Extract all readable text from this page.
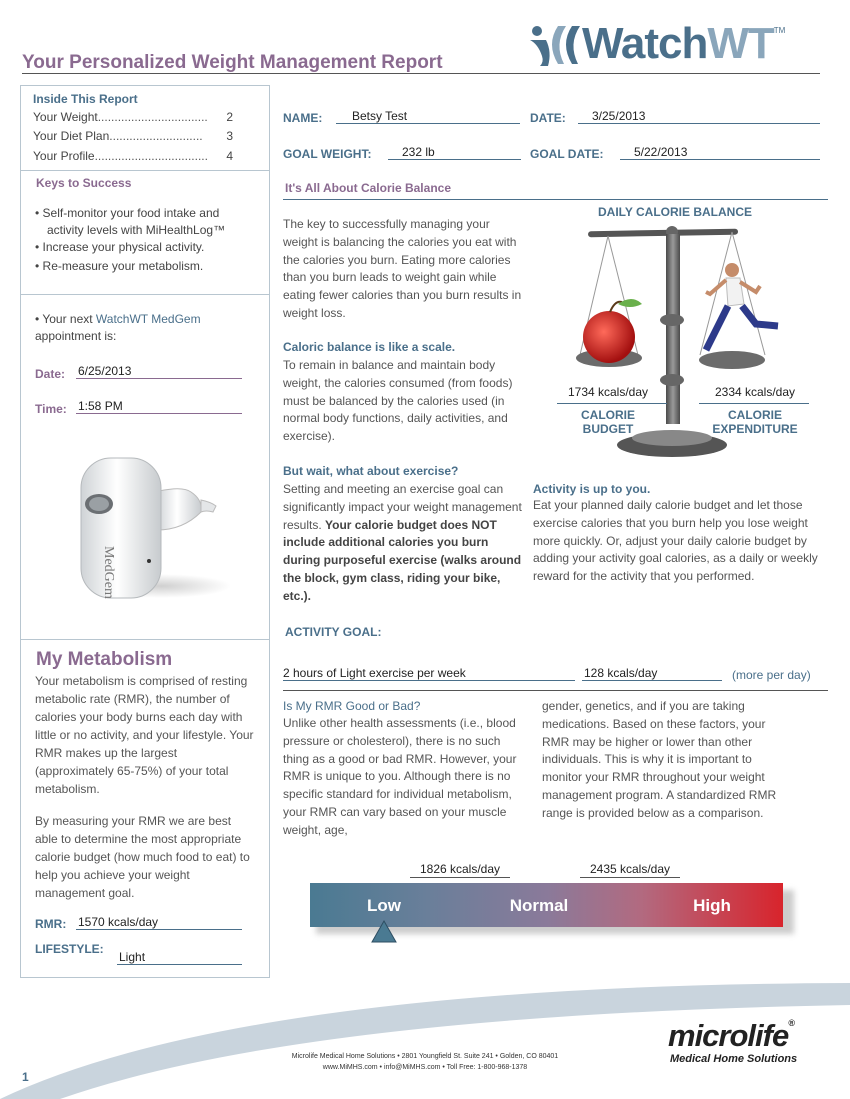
Your Personalized Weight Management Report	WatchWT TM
Inside This Report
Your Weight .................................	2
Your Diet Plan ............................	3
Your Profile ..................................	4
Keys to Success
• Self-monitor your food intake and
activity levels with MiHealthLog™
• Increase your physical activity.
• Re-measure your metabolism.
• Your next WatchWT MedGem
appointment is:
Date: 6/25/2013
Time: 1:58 PM
MedGem
My Metabolism
Your metabolism is comprised of resting metabolic rate (RMR), the number of calories your body burns each day with little or no activity, and your lifestyle. Your RMR makes up the largest (approximately 65-75%) of your total metabolism.
By measuring your RMR we are best able to determine the most appropriate calorie budget (how much food to eat) to help you achieve your weight management goal.
RMR: 1570 kcals/day
LIFESTYLE:
Light
NAME:	Betsy Test	DATE:	3/25/2013
GOAL WEIGHT:	232 lb	GOAL DATE:	5/22/2013
It's All About Calorie Balance
The key to successfully managing your weight is balancing the calories you eat with the calories you burn. Eating more calories than you burn leads to weight gain while eating fewer calories than you burn results in weight loss.
Caloric balance is like a scale.
To remain in balance and maintain body weight, the calories consumed (from foods) must be balanced by the calories used (in normal body functions, daily activities, and exercise).
But wait, what about exercise?
Setting and meeting an exercise goal can significantly impact your weight management results. Your calorie budget does NOT include additional calories you burn during purposeful exercise (walks around the block, gym class, riding your bike, etc.).
DAILY CALORIE BALANCE
1734 kcals/day	2334 kcals/day
CALORIE
BUDGET
CALORIE
EXPENDITURE
Activity is up to you.
Eat your planned daily calorie budget and let those exercise calories that you burn help you lose weight more quickly. Or, adjust your daily calorie budget by adding your activity goal calories, as a daily or weekly reward for the activity that you performed.
ACTIVITY GOAL:
2 hours of Light exercise per week	128 kcals/day	(more per day)
Is My RMR Good or Bad?
Unlike other health assessments (i.e., blood pressure or cholesterol), there is no such thing as a good or bad RMR. However, your RMR is unique to you. Although there is no specific standard for individual metabolism, your RMR can vary based on your muscle weight, age,
gender, genetics, and if you are taking medications. Based on these factors, your RMR may be higher or lower than other individuals. This is why it is important to monitor your RMR throughout your weight management program. A standardized RMR range is provided below as a comparison.
1826 kcals/day	2435 kcals/day
Low	Normal	High
Microlife Medical Home Solutions • 2801 Youngfield St. Suite 241 • Golden, CO 80401
www.MiMHS.com • info@MiMHS.com • Toll Free: 1-800-968-1378
microlife®
Medical Home Solutions
1
